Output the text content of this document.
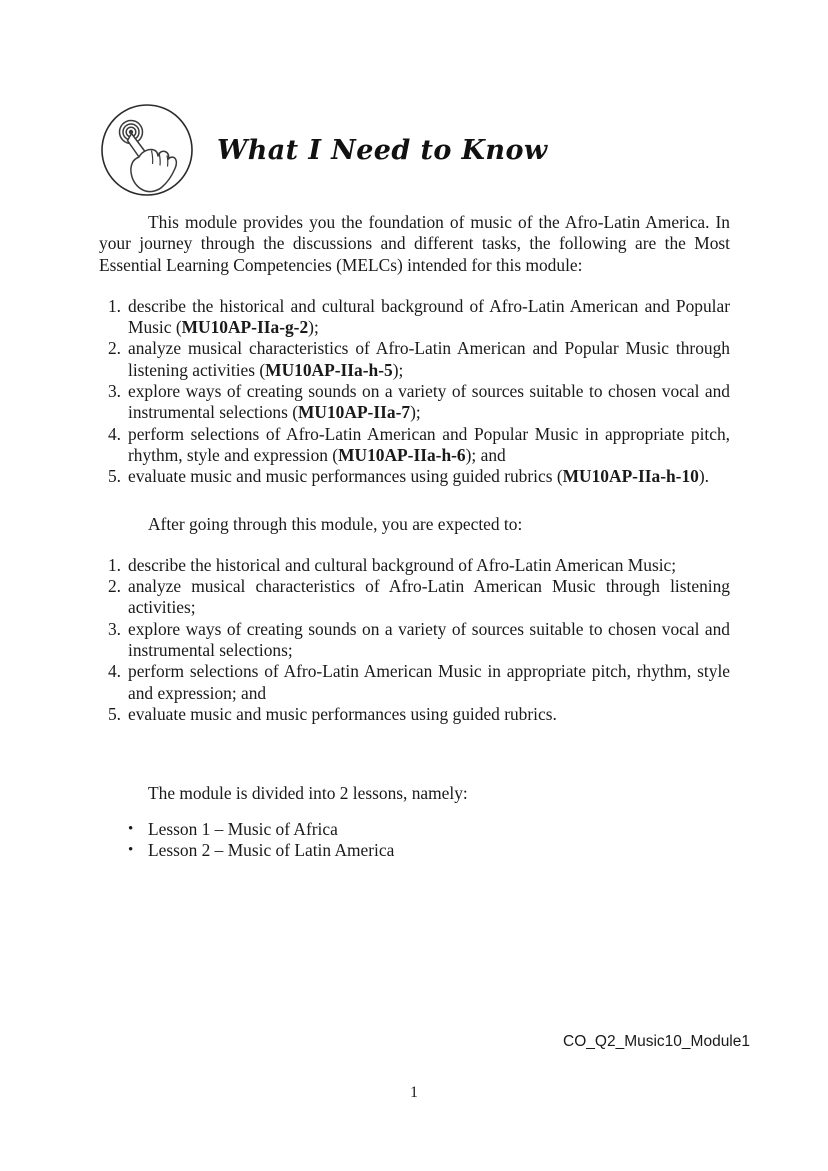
What I Need to Know

This module provides you the foundation of music of the Afro-Latin America. In your journey through the discussions and different tasks, the following are the Most Essential Learning Competencies (MELCs) intended for this module:

describe the historical and cultural background of Afro-Latin American and Popular Music (MU10AP-IIa-g-2);
analyze musical characteristics of Afro-Latin American and Popular Music through listening activities (MU10AP-IIa-h-5);
explore ways of creating sounds on a variety of sources suitable to chosen vocal and instrumental selections (MU10AP-IIa-7);
perform selections of Afro-Latin American and Popular Music in appropriate pitch, rhythm, style and expression (MU10AP-IIa-h-6); and
evaluate music and music performances using guided rubrics (MU10AP-IIa-h-10).

After going through this module, you are expected to:

describe the historical and cultural background of Afro-Latin American Music;
analyze musical characteristics of Afro-Latin American Music through listening activities;
explore ways of creating sounds on a variety of sources suitable to chosen vocal and instrumental selections;
perform selections of Afro-Latin American Music in appropriate pitch, rhythm, style and expression; and
evaluate music and music performances using guided rubrics.

The module is divided into 2 lessons, namely:

• Lesson 1 – Music of Africa
• Lesson 2 – Music of Latin America
CO_Q2_Music10_Module1
1
